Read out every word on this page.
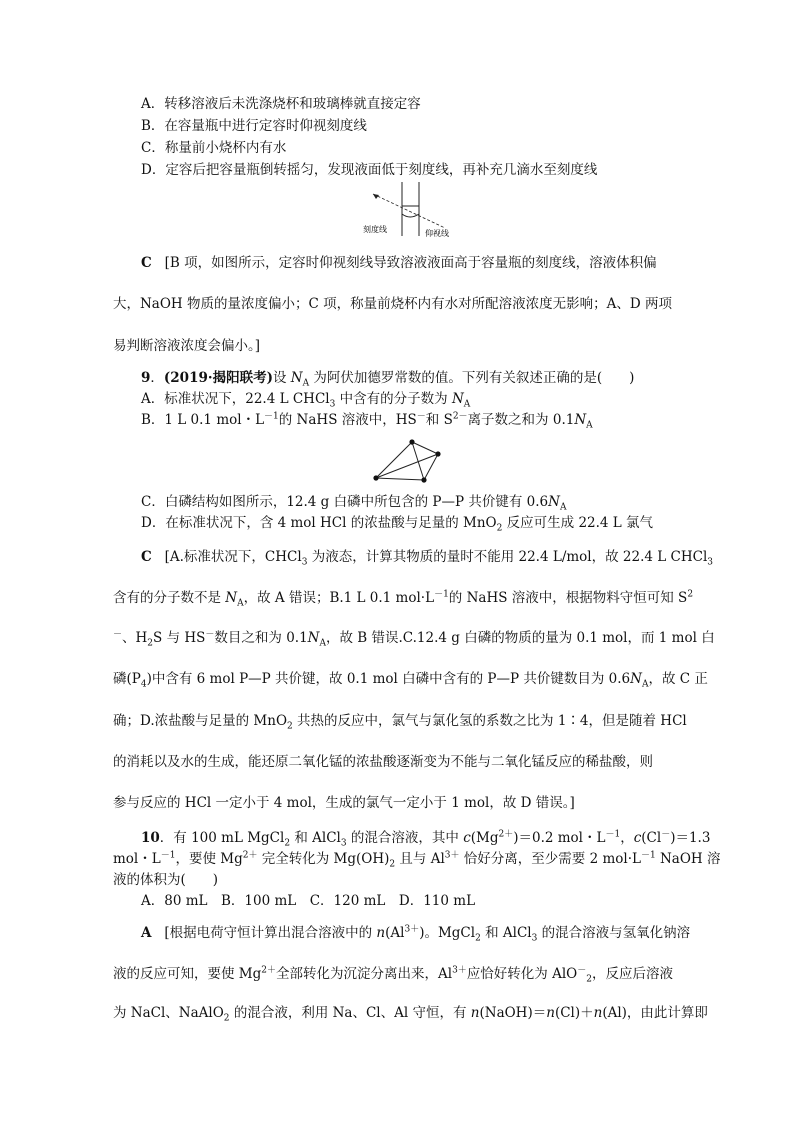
A．转移溶液后未洗涤烧杯和玻璃棒就直接定容
B．在容量瓶中进行定容时仰视刻度线
C．称量前小烧杯内有水
D．定容后把容量瓶倒转摇匀，发现液面低于刻度线，再补充几滴水至刻度线
刻度线	仰视线
C [B 项，如图所示，定容时仰视刻线导致溶液液面高于容量瓶的刻度线，溶液体积偏
大，NaOH 物质的量浓度偏小；C 项，称量前烧杯内有水对所配溶液浓度无影响；A、D 两项
易判断溶液浓度会偏小。]
9．(2019·揭阳联考)设 $N_A$ 为阿伏加德罗常数的值。下列有关叙述正确的是(　　)
A．标准状况下，22.4 L CHCl$_3$ 中含有的分子数为 $N_A$
B．1 L 0.1 mol・$L^{-1}$的 NaHS 溶液中，HS－和 $S^{2-}$离子数之和为 $0.1N_A$
C．白磷结构如图所示，12.4 g 白磷中所包含的 P—P 共价键有 $0.6N_A$
D．在标准状况下，含 4 mol HCl 的浓盐酸与足量的 MnO$_2$ 反应可生成 22.4 L 氯气
C [A.标准状况下，CHCl$_3$ 为液态，计算其物质的量时不能用 22.4 L/mol，故 22.4 L CHCl$_3$
含有的分子数不是 $N_A$，故 A 错误；B.1 L 0.1 $mol\cdot L^{-1}$的 NaHS 溶液中，根据物料守恒可知 $S^2$
－、$H_2S$ 与 HS－数目之和为 $0.1N_A$，故 B 错误.C.12.4 g 白磷的物质的量为 0.1 mol，而 1 mol 白
磷$(P_4)$中含有 6 mol P—P 共价键，故 0.1 mol 白磷中含有的 P—P 共价键数目为 $0.6N_A$，故 C 正
确；D.浓盐酸与足量的 MnO$_2$ 共热的反应中，氯气与氯化氢的系数之比为 1∶4，但是随着 HCl
的消耗以及水的生成，能还原二氧化锰的浓盐酸逐渐变为不能与二氧化锰反应的稀盐酸，则
参与反应的 HCl 一定小于 4 mol，生成的氯气一定小于 1 mol，故 D 错误。]
10．有 100 mL MgCl$_2$ 和 AlCl$_3$ 的混合溶液，其中 $c(Mg^{2+})=0.2$ mol・$L^{-1}$，c(Cl－)＝1.3
mol・$L^{-1}$，要使 $Mg^{2+}$ 完全转化为 $Mg(OH)_2$ 且与 $Al^{3+}$ 恰好分离，至少需要 2 $mol\cdot L^{-1}$ NaOH 溶
液的体积为(　　)
A．80 mL　B．100 mL　C．120 mL　D．110 mL
A [根据电荷守恒计算出混合溶液中的 $n(Al^{3+})$。MgCl$_2$ 和 AlCl$_3$ 的混合溶液与氢氧化钠溶
液的反应可知，要使 $Mg^{2+}$全部转化为沉淀分离出来，$Al^{3+}$应恰好转化为 AlO－$_2$，反应后溶液
为 NaCl、NaAlO$_2$ 的混合液，利用 Na、Cl、Al 守恒，有 n(NaOH)＝n(Cl)＋n(Al)，由此计算即
